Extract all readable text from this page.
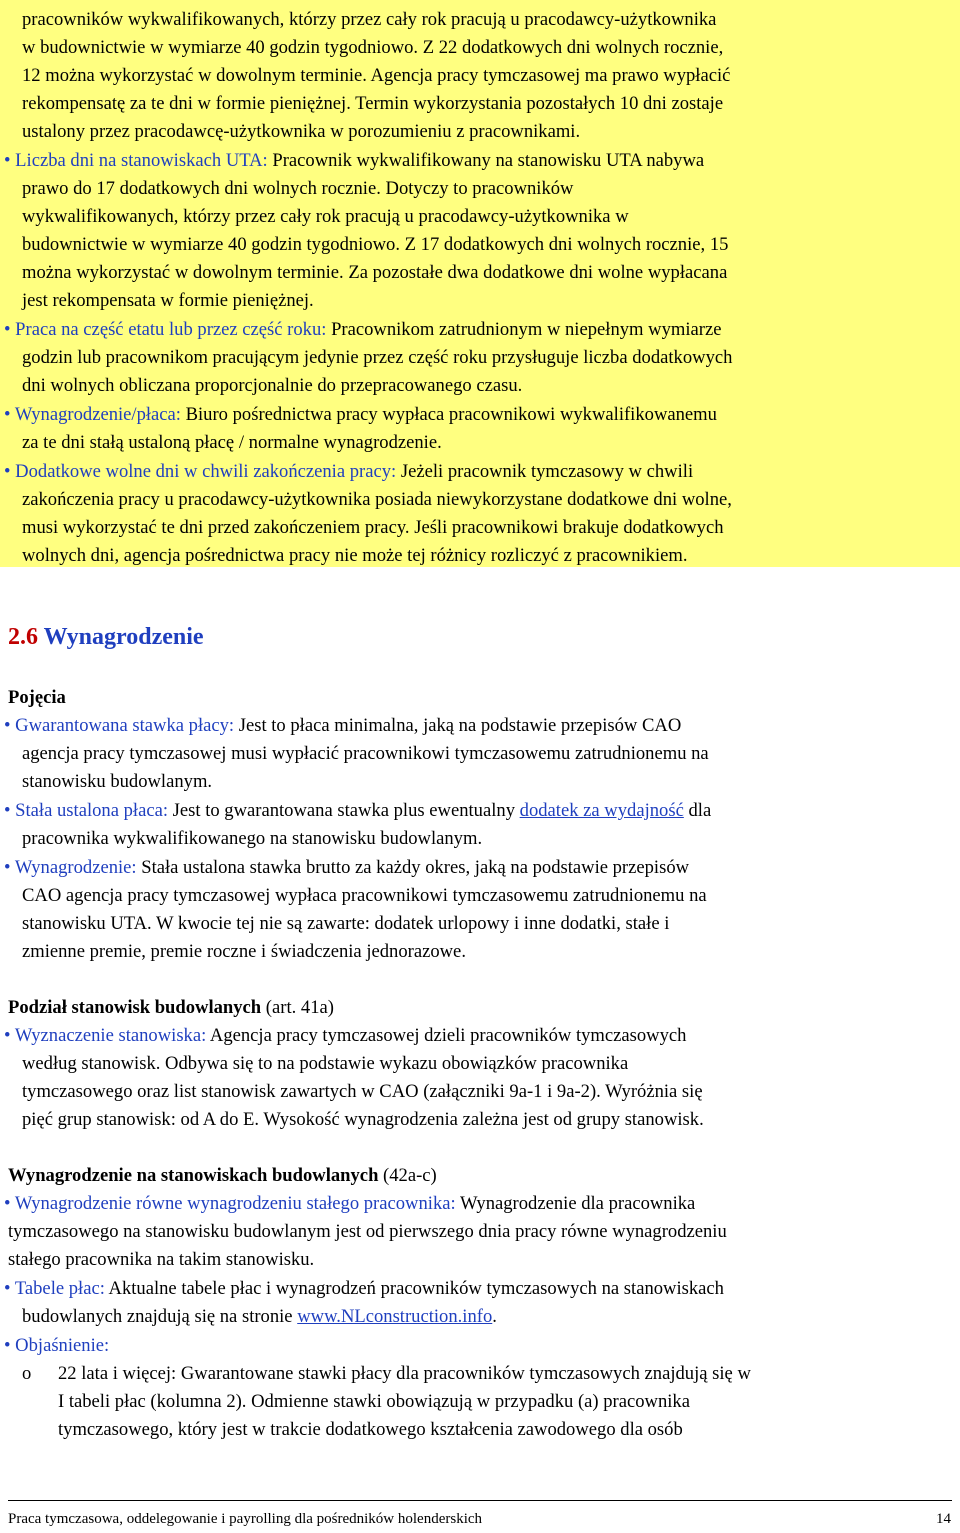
pracowników wykwalifikowanych, którzy przez cały rok pracują u pracodawcy-użytkownika
w budownictwie w wymiarze 40 godzin tygodniowo. Z 22 dodatkowych dni wolnych rocznie,
12 można wykorzystać w dowolnym terminie. Agencja pracy tymczasowej ma prawo wypłacić
rekompensatę za te dni w formie pieniężnej. Termin wykorzystania pozostałych 10 dni zostaje
ustalony przez pracodawcę-użytkownika w porozumieniu z pracownikami.
• Liczba dni na stanowiskach UTA: Pracownik wykwalifikowany na stanowisku UTA nabywa
prawo do 17 dodatkowych dni wolnych rocznie. Dotyczy to pracowników
wykwalifikowanych, którzy przez cały rok pracują u pracodawcy-użytkownika w
budownictwie w wymiarze 40 godzin tygodniowo. Z 17 dodatkowych dni wolnych rocznie, 15
można wykorzystać w dowolnym terminie. Za pozostałe dwa dodatkowe dni wolne wypłacana
jest rekompensata w formie pieniężnej.
• Praca na część etatu lub przez część roku: Pracownikom zatrudnionym w niepełnym wymiarze
godzin lub pracownikom pracującym jedynie przez część roku przysługuje liczba dodatkowych
dni wolnych obliczana proporcjonalnie do przepracowanego czasu.
• Wynagrodzenie/płaca: Biuro pośrednictwa pracy wypłaca pracownikowi wykwalifikowanemu
za te dni stałą ustaloną płacę / normalne wynagrodzenie.
• Dodatkowe wolne dni w chwili zakończenia pracy: Jeżeli pracownik tymczasowy w chwili
zakończenia pracy u pracodawcy-użytkownika posiada niewykorzystane dodatkowe dni wolne,
musi wykorzystać te dni przed zakończeniem pracy. Jeśli pracownikowi brakuje dodatkowych
wolnych dni, agencja pośrednictwa pracy nie może tej różnicy rozliczyć z pracownikiem.
2.6 Wynagrodzenie
Pojęcia
• Gwarantowana stawka płacy: Jest to płaca minimalna, jaką na podstawie przepisów CAO
agencja pracy tymczasowej musi wypłacić pracownikowi tymczasowemu zatrudnionemu na
stanowisku budowlanym.
• Stała ustalona płaca: Jest to gwarantowana stawka plus ewentualny dodatek za wydajność dla
pracownika wykwalifikowanego na stanowisku budowlanym.
• Wynagrodzenie: Stała ustalona stawka brutto za każdy okres, jaką na podstawie przepisów
CAO agencja pracy tymczasowej wypłaca pracownikowi tymczasowemu zatrudnionemu na
stanowisku UTA. W kwocie tej nie są zawarte: dodatek urlopowy i inne dodatki, stałe i
zmienne premie, premie roczne i świadczenia jednorazowe.
Podział stanowisk budowlanych (art. 41a)
• Wyznaczenie stanowiska: Agencja pracy tymczasowej dzieli pracowników tymczasowych
według stanowisk. Odbywa się to na podstawie wykazu obowiązków pracownika
tymczasowego oraz list stanowisk zawartych w CAO (załączniki 9a-1 i 9a-2). Wyróżnia się
pięć grup stanowisk: od A do E. Wysokość wynagrodzenia zależna jest od grupy stanowisk.
Wynagrodzenie na stanowiskach budowlanych (42a-c)
• Wynagrodzenie równe wynagrodzeniu stałego pracownika: Wynagrodzenie dla pracownika
tymczasowego na stanowisku budowlanym jest od pierwszego dnia pracy równe wynagrodzeniu
stałego pracownika na takim stanowisku.
• Tabele płac: Aktualne tabele płac i wynagrodzeń pracowników tymczasowych na stanowiskach
budowlanych znajdują się na stronie www.NLconstruction.info.
• Objaśnienie:
o 22 lata i więcej: Gwarantowane stawki płacy dla pracowników tymczasowych znajdują się w
I tabeli płac (kolumna 2). Odmienne stawki obowiązują w przypadku (a) pracownika
tymczasowego, który jest w trakcie dodatkowego kształcenia zawodowego dla osób
Praca tymczasowa, oddelegowanie i payrolling dla pośredników holenderskich	14
